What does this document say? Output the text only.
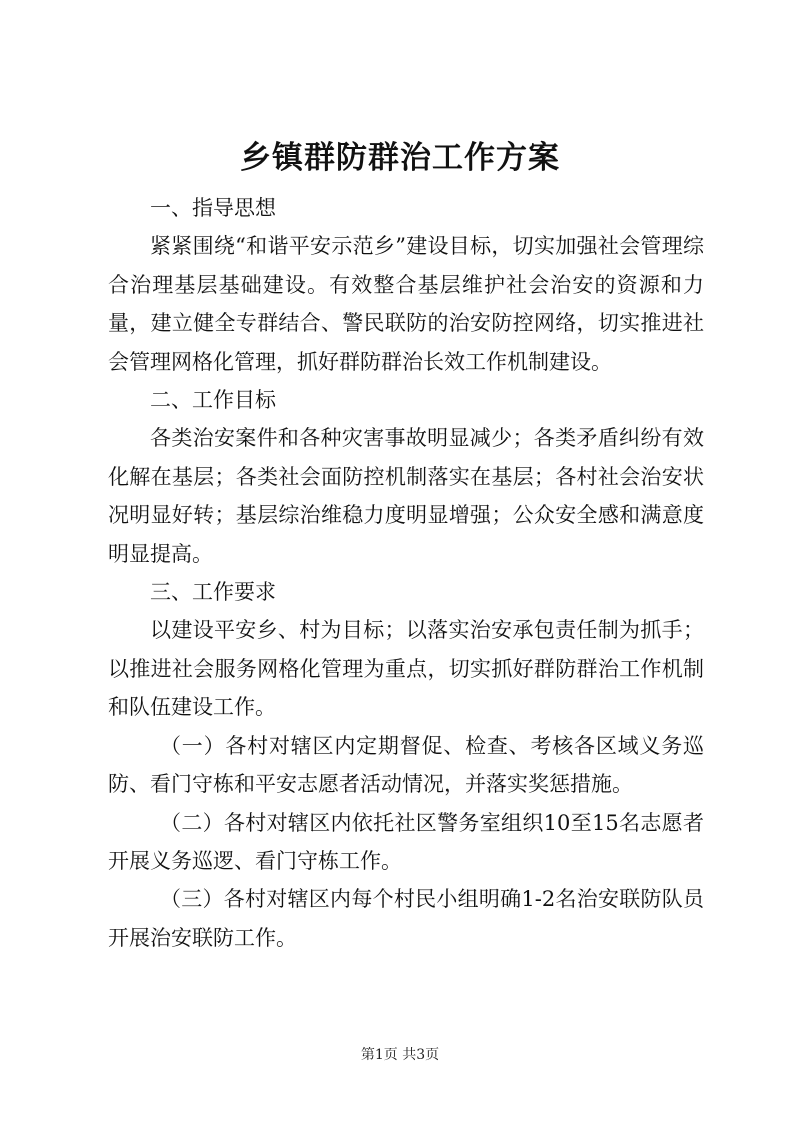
乡镇群防群治工作方案

一、指导思想

紧紧围绕“和谐平安示范乡”建设目标，切实加强社会管理综合治理基层基础建设。有效整合基层维护社会治安的资源和力量，建立健全专群结合、警民联防的治安防控网络，切实推进社会管理网格化管理，抓好群防群治长效工作机制建设。

二、工作目标

各类治安案件和各种灾害事故明显减少；各类矛盾纠纷有效化解在基层；各类社会面防控机制落实在基层；各村社会治安状况明显好转；基层综治维稳力度明显增强；公众安全感和满意度明显提高。

三、工作要求

以建设平安乡、村为目标；以落实治安承包责任制为抓手；以推进社会服务网格化管理为重点，切实抓好群防群治工作机制和队伍建设工作。

（一）各村对辖区内定期督促、检查、考核各区域义务巡防、看门守栋和平安志愿者活动情况，并落实奖惩措施。

（二）各村对辖区内依托社区警务室组织10至15名志愿者开展义务巡逻、看门守栋工作。

（三）各村对辖区内每个村民小组明确1-2名治安联防队员开展治安联防工作。

第1页 共3页
